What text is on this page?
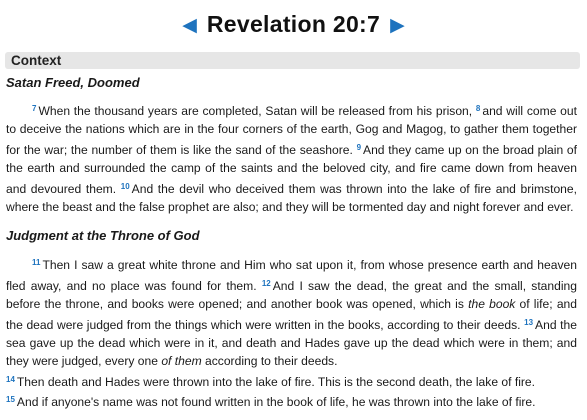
◀ Revelation 20:7 ▶
Context
Satan Freed, Doomed

$^7$ When the thousand years are completed, Satan will be released from his prison, $^8$ and will come out to deceive the nations which are in the four corners of the earth, Gog and Magog, to gather them together for the war; the number of them is like the sand of the seashore. $^9$ And they came up on the broad plain of the earth and surrounded the camp of the saints and the beloved city, and fire came down from heaven and devoured them. $^{10}$ And the devil who deceived them was thrown into the lake of fire and brimstone, where the beast and the false prophet are also; and they will be tormented day and night forever and ever.

Judgment at the Throne of God

$^{11}$ Then I saw a great white throne and Him who sat upon it, from whose presence earth and heaven fled away, and no place was found for them. $^{12}$ And I saw the dead, the great and the small, standing before the throne, and books were opened; and another book was opened, which is the book of life; and the dead were judged from the things which were written in the books, according to their deeds. $^{13}$ And the sea gave up the dead which were in it, and death and Hades gave up the dead which were in them; and they were judged, every one of them according to their deeds.
$^{14}$ Then death and Hades were thrown into the lake of fire. This is the second death, the lake of fire.
$^{15}$ And if anyone's name was not found written in the book of life, he was thrown into the lake of fire.
